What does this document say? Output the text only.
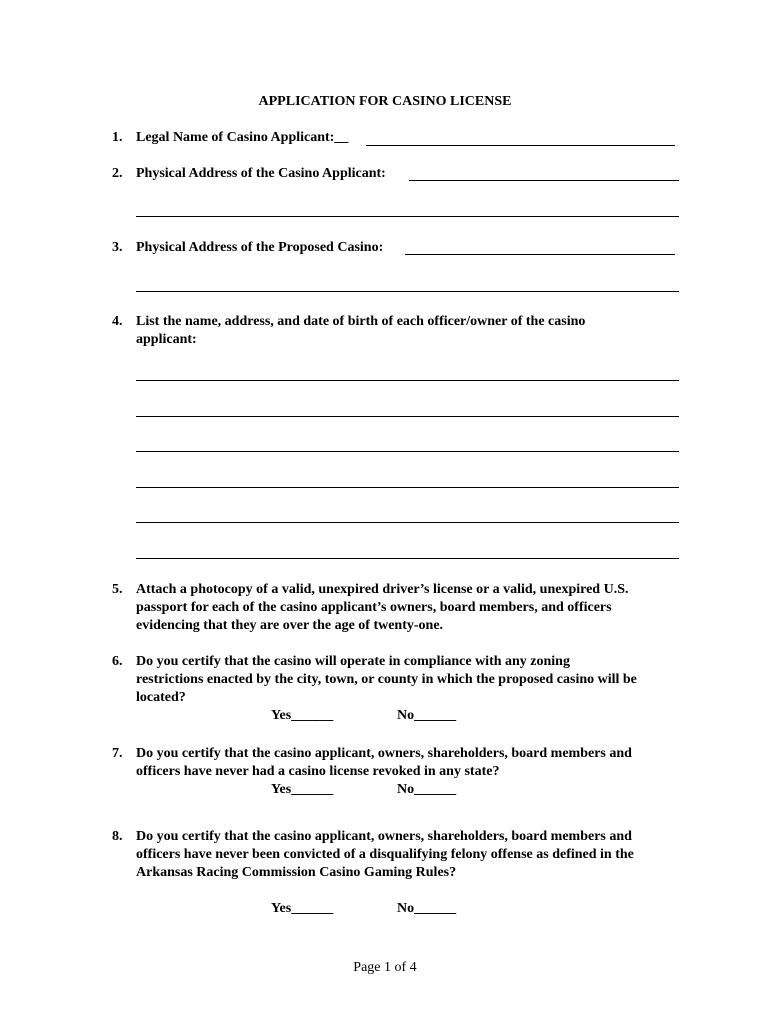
APPLICATION FOR CASINO LICENSE
1. Legal Name of Casino Applicant:__
2. Physical Address of the Casino Applicant:
3. Physical Address of the Proposed Casino:
4. List the name, address, and date of birth of each officer/owner of the casino
applicant:
5. Attach a photocopy of a valid, unexpired driver’s license or a valid, unexpired U.S.
passport for each of the casino applicant’s owners, board members, and officers
evidencing that they are over the age of twenty-one.
6. Do you certify that the casino will operate in compliance with any zoning
restrictions enacted by the city, town, or county in which the proposed casino will be
located?
Yes______	No______
7. Do you certify that the casino applicant, owners, shareholders, board members and
officers have never had a casino license revoked in any state?
Yes______	No______
8. Do you certify that the casino applicant, owners, shareholders, board members and
officers have never been convicted of a disqualifying felony offense as defined in the
Arkansas Racing Commission Casino Gaming Rules?
Yes______	No______
Page 1 of 4
